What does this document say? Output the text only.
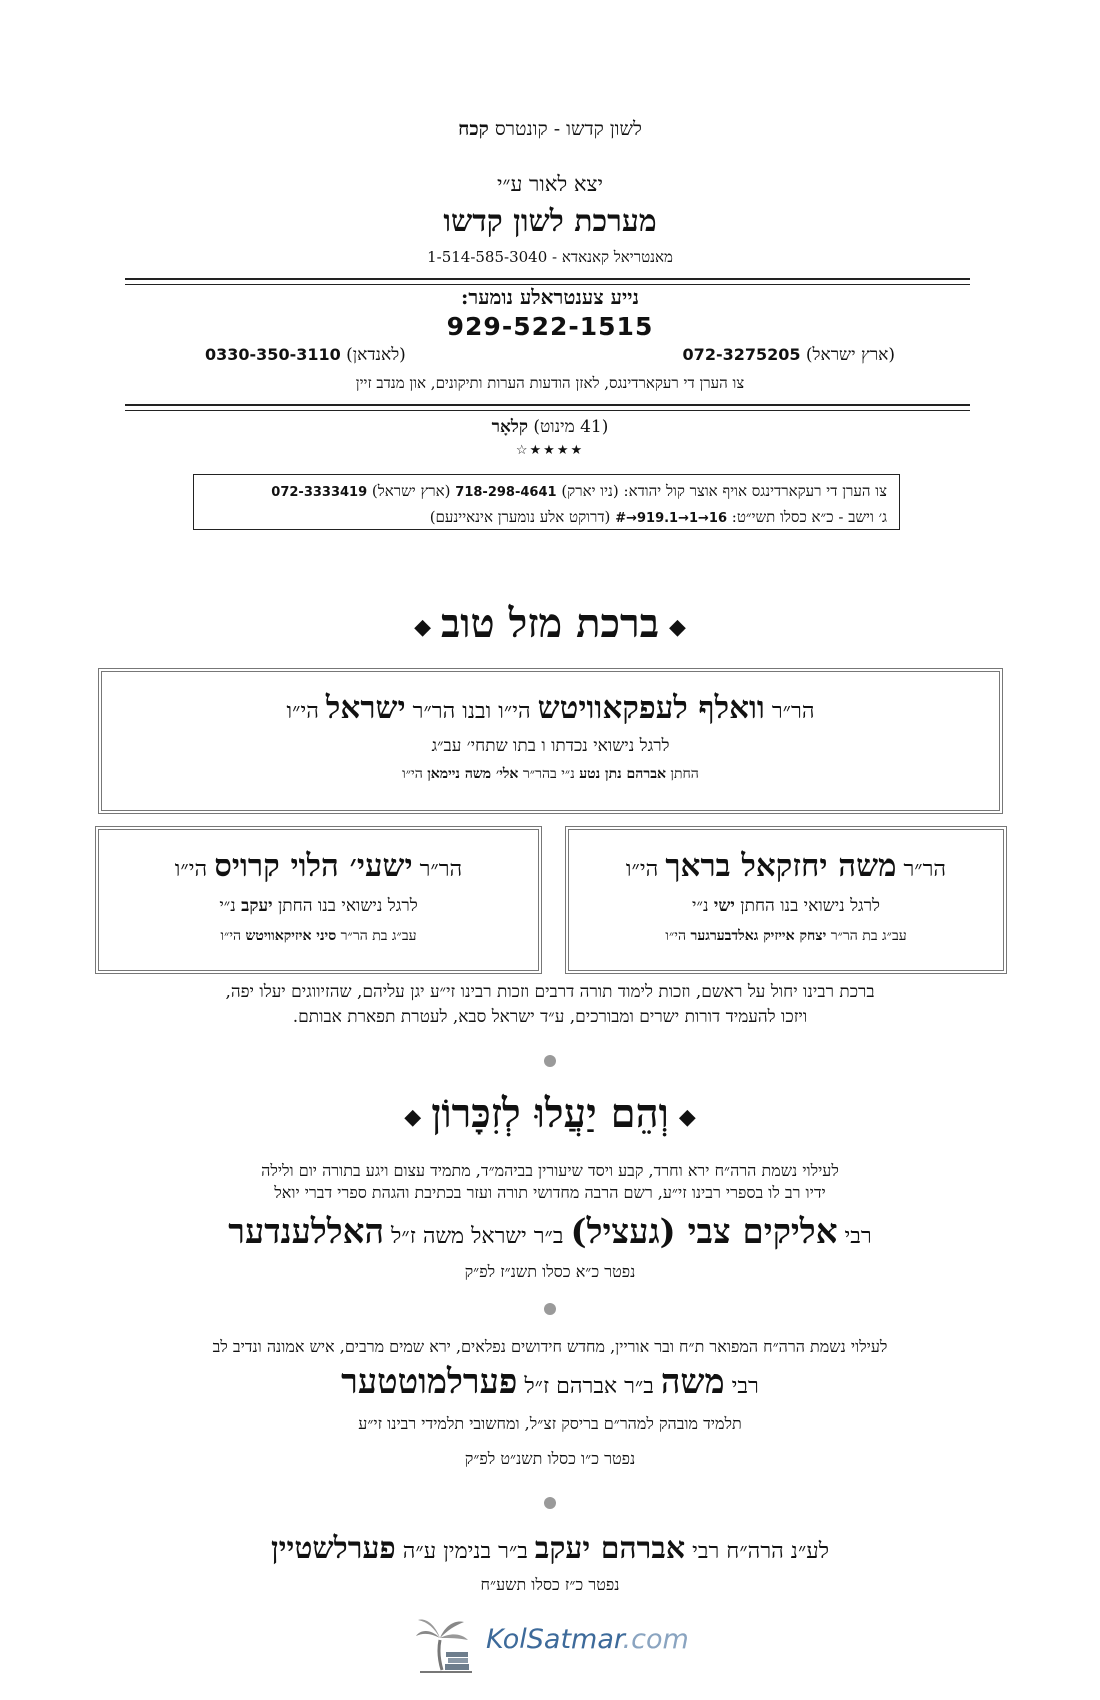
לשון קדשו - קונטרס קכח
יצא לאור ע״י
מערכת לשון קדשו
מאנטריאל קאנאדא - 1-514-585-3040
נייע צענטראלע נומער:
929-522-1515
(ארץ ישראל) 072-3275205
(לאנדאן) 0330-350-3110
צו הערן די רעקארדינגס, לאזן הודעות הערות ותיקונים, און מנדב זיין
(41 מינוט) קלאָר
★★★★☆
צו הערן די רעקארדינגס אויף אוצר קול יהודא: (ניו יארק) 718-298-4641 (ארץ ישראל) 072-3333419
ג׳ וישב - כ״א כסלו תשי״ט: #→919.1→1→16 (דרוקט אלע נומערן אינאיינעם)
◆ברכת מזל טוב◆
הר״ר וואלף לעפקאוויטש הי״ו ובנו הר״ר ישראל הי״ו
לרגל נישואי נכדתו ו בתו שתחי׳ עב״ג
החתן אברהם נתן נטע נ״י בהר״ר אלי׳ משה ניימאן הי״ו
הר״ר משה יחזקאל בראך הי״ו
לרגל נישואי בנו החתן ישי נ״י
עב״ג בת הר״ר יצחק אייזיק גאלדבערגער הי״ו
הר״ר ישעי׳ הלוי קרויס הי״ו
לרגל נישואי בנו החתן יעקב נ״י
עב״ג בת הר״ר סיני איזיקאוויטש הי״ו
ברכת רבינו יחול על ראשם, וזכות לימוד תורה דרבים וזכות רבינו זי״ע יגן עליהם, שהזיווגים יעלו יפה,
ויזכו להעמיד דורות ישרים ומבורכים, ע״ד ישראל סבא, לעטרת תפארת אבותם.
◆וְהֵם יַעֲלוּ לְזִכָּרוֹן◆
לעילוי נשמת הרה״ח ירא וחרד, קבע ויסד שיעורין בביהמ״ד, מתמיד עצום ויגע בתורה יום ולילה
ידיו רב לו בספרי רבינו זי״ע, רשם הרבה מחדושי תורה ועזר בכתיבת והגהת ספרי דברי יואל
רבי אליקים צבי (געציל) ב״ר ישראל משה ז״ל האללענדער
נפטר כ״א כסלו תשנ״ז לפ״ק
לעילוי נשמת הרה״ח המפואר ת״ח ובר אוריין, מחדש חידושים נפלאים, ירא שמים מרבים, איש אמונה ונדיב לב
רבי משה ב״ר אברהם ז״ל פערלמוטטער
תלמיד מובהק למהר״ם בריסק זצ״ל, ומחשובי תלמידי רבינו זי״ע
נפטר כ״ו כסלו תשנ״ט לפ״ק
לע״נ הרה״ח רבי אברהם יעקב ב״ר בנימין ע״ה פערלשטיין
נפטר כ״ז כסלו תשע״ח
KolSatmar.com
